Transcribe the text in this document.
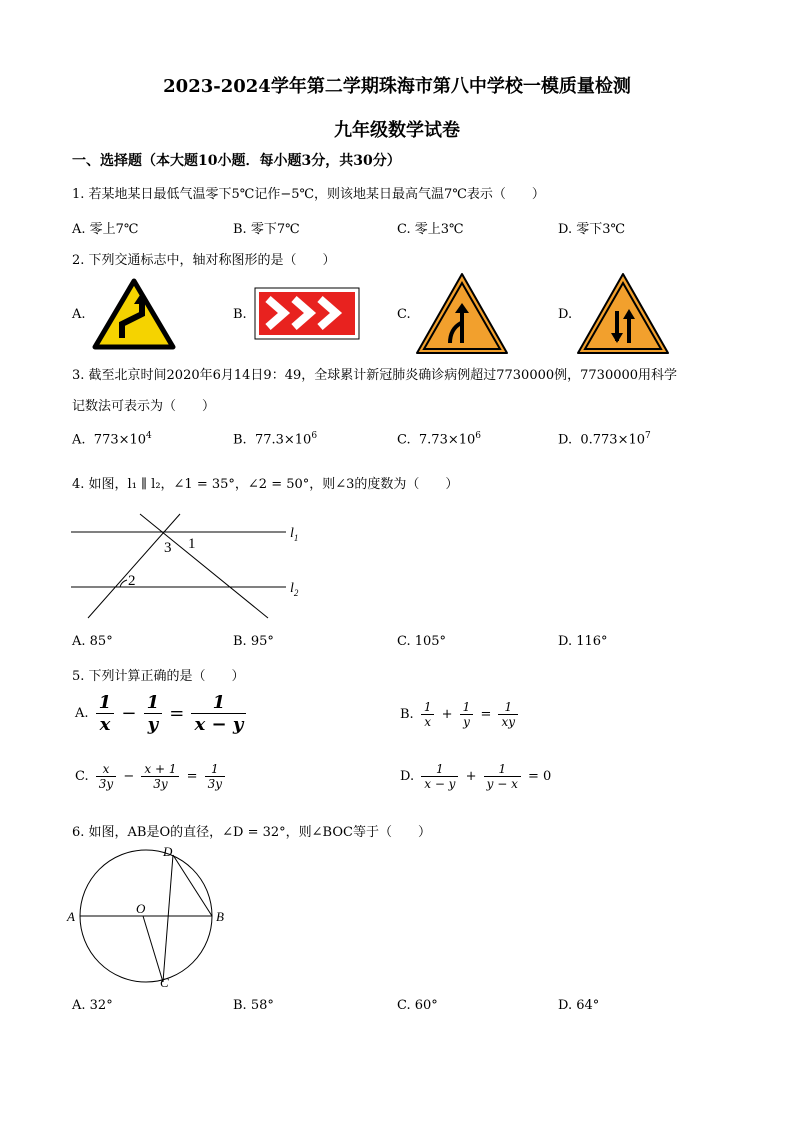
2023-2024学年第二学期珠海市第八中学校一模质量检测
九年级数学试卷
一、选择题（本大题10小题．每小题3分，共30分）
1. 若某地某日最低气温零下5℃记作−5℃，则该地某日最高气温7℃表示（　　）
A. 零上7℃	B. 零下7℃	C. 零上3℃	D. 零下3℃
2. 下列交通标志中，轴对称图形的是（　　）
A.	B.	C.	D.
3. 截至北京时间2020年6月14日9：49，全球累计新冠肺炎确诊病例超过7730000例，7730000用科学
记数法可表示为（　　）
A. $773\times 10^4$	B. $77.3\times 10^6$	C. $7.73\times 10^6$	D. $0.773\times 10^7$
4. 如图，l₁ ∥ l₂，∠1 = 35°，∠2 = 50°，则∠3的度数为（　　）
3 1
2
$l_1$
$l_2$
A. 85°	B. 95°	C. 105°	D. 116°
5. 下列计算正确的是（　　）
A. $\frac{1}{x} - \frac{1}{y} = \frac{1}{x - y}$	B. $\frac{1}{x} + \frac{1}{y} = \frac{1}{xy}$
C. $\frac{x}{3y} - \frac{x + 1}{3y} = \frac{1}{3y}$	D. $\frac{1}{x - y} + \frac{1}{y - x} = 0$
6. 如图，AB是O的直径，∠D = 32°，则∠BOC等于（　　）
A	B
C
D
O
A. 32°	B. 58°	C. 60°	D. 64°
